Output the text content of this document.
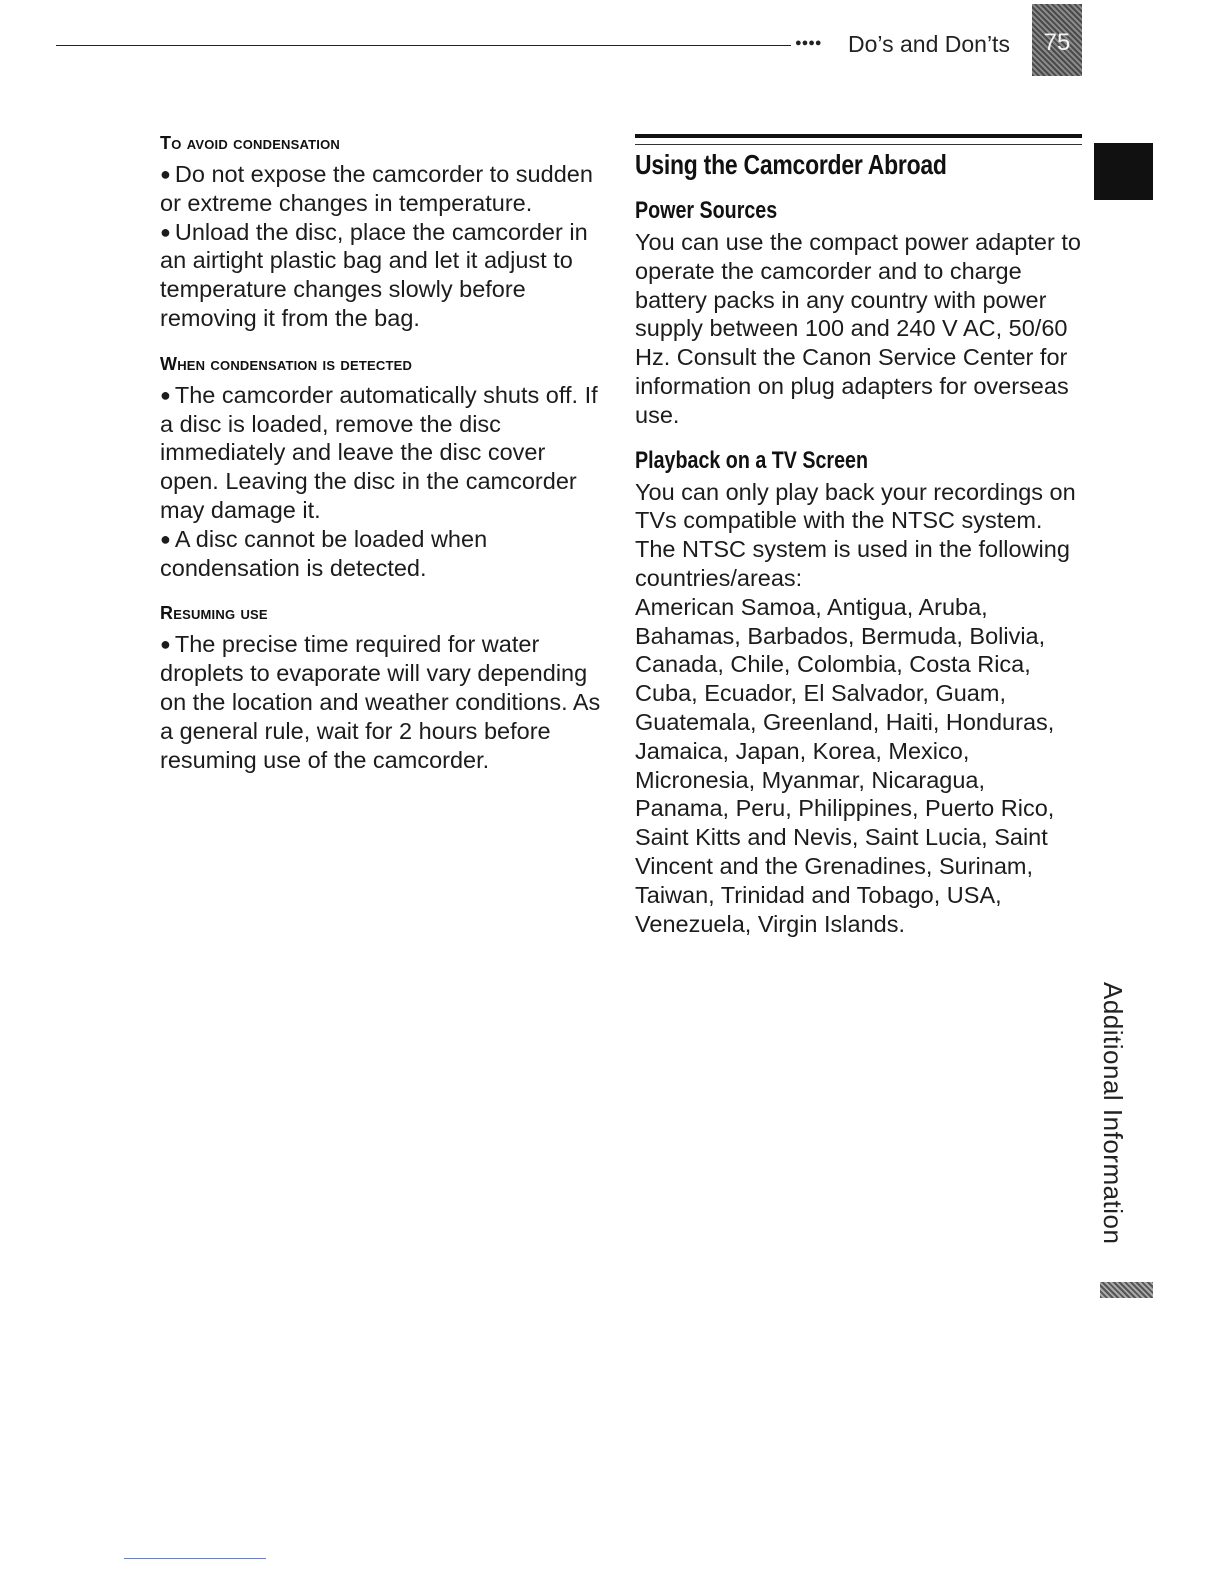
●●●● Do’s and Don’ts	75
To avoid condensation

● Do not expose the camcorder to sudden or extreme changes in temperature.

● Unload the disc, place the camcorder in an airtight plastic bag and let it adjust to temperature changes slowly before removing it from the bag.

When condensation is detected

● The camcorder automatically shuts off. If a disc is loaded, remove the disc immediately and leave the disc cover open. Leaving the disc in the camcorder may damage it.

● A disc cannot be loaded when condensation is detected.

Resuming use

● The precise time required for water droplets to evaporate will vary depending on the location and weather conditions. As a general rule, wait for 2 hours before resuming use of the camcorder.

Using the Camcorder Abroad
Power Sources

You can use the compact power adapter to operate the camcorder and to charge battery packs in any country with power supply between 100 and 240 V AC, 50/60 Hz. Consult the Canon Service Center for information on plug adapters for overseas use.

Playback on a TV Screen

You can only play back your recordings on TVs compatible with the NTSC system. The NTSC system is used in the following countries/areas:

American Samoa, Antigua, Aruba, Bahamas, Barbados, Bermuda, Bolivia, Canada, Chile, Colombia, Costa Rica, Cuba, Ecuador, El Salvador, Guam, Guatemala, Greenland, Haiti, Honduras, Jamaica, Japan, Korea, Mexico, Micronesia, Myanmar, Nicaragua, Panama, Peru, Philippines, Puerto Rico, Saint Kitts and Nevis, Saint Lucia, Saint Vincent and the Grenadines, Surinam, Taiwan, Trinidad and Tobago, USA, Venezuela, Virgin Islands.

Additional Information
